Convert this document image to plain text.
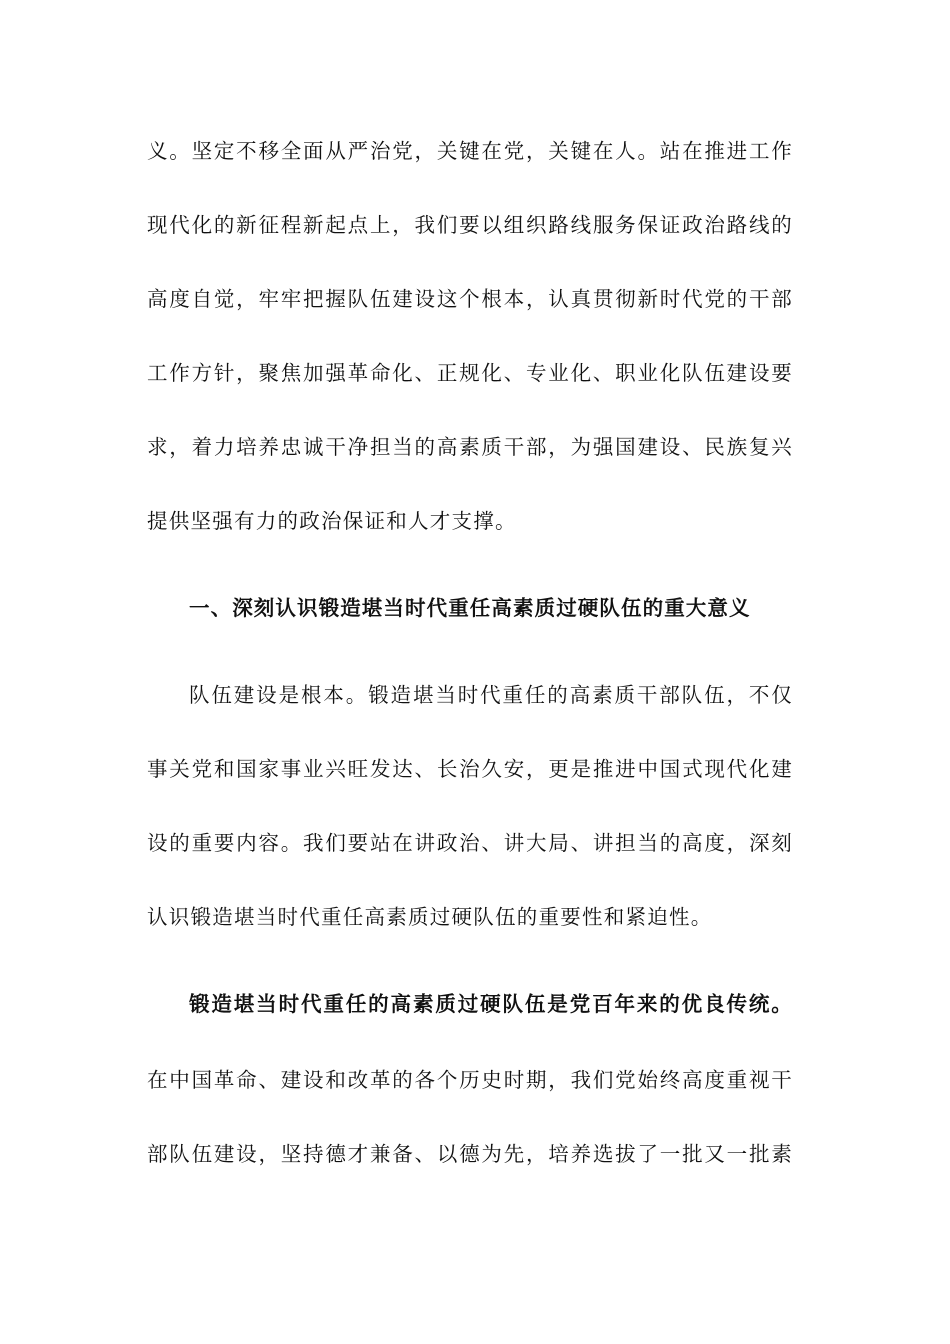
义。坚定不移全面从严治党，关键在党，关键在人。站在推进工作
现代化的新征程新起点上，我们要以组织路线服务保证政治路线的
高度自觉，牢牢把握队伍建设这个根本，认真贯彻新时代党的干部
工作方针，聚焦加强革命化、正规化、专业化、职业化队伍建设要
求，着力培养忠诚干净担当的高素质干部，为强国建设、民族复兴
提供坚强有力的政治保证和人才支撑。
一、深刻认识锻造堪当时代重任高素质过硬队伍的重大意义
队伍建设是根本。锻造堪当时代重任的高素质干部队伍，不仅
事关党和国家事业兴旺发达、长治久安，更是推进中国式现代化建
设的重要内容。我们要站在讲政治、讲大局、讲担当的高度，深刻
认识锻造堪当时代重任高素质过硬队伍的重要性和紧迫性。
锻造堪当时代重任的高素质过硬队伍是党百年来的优良传统。
在中国革命、建设和改革的各个历史时期，我们党始终高度重视干
部队伍建设，坚持德才兼备、以德为先，培养选拔了一批又一批素
